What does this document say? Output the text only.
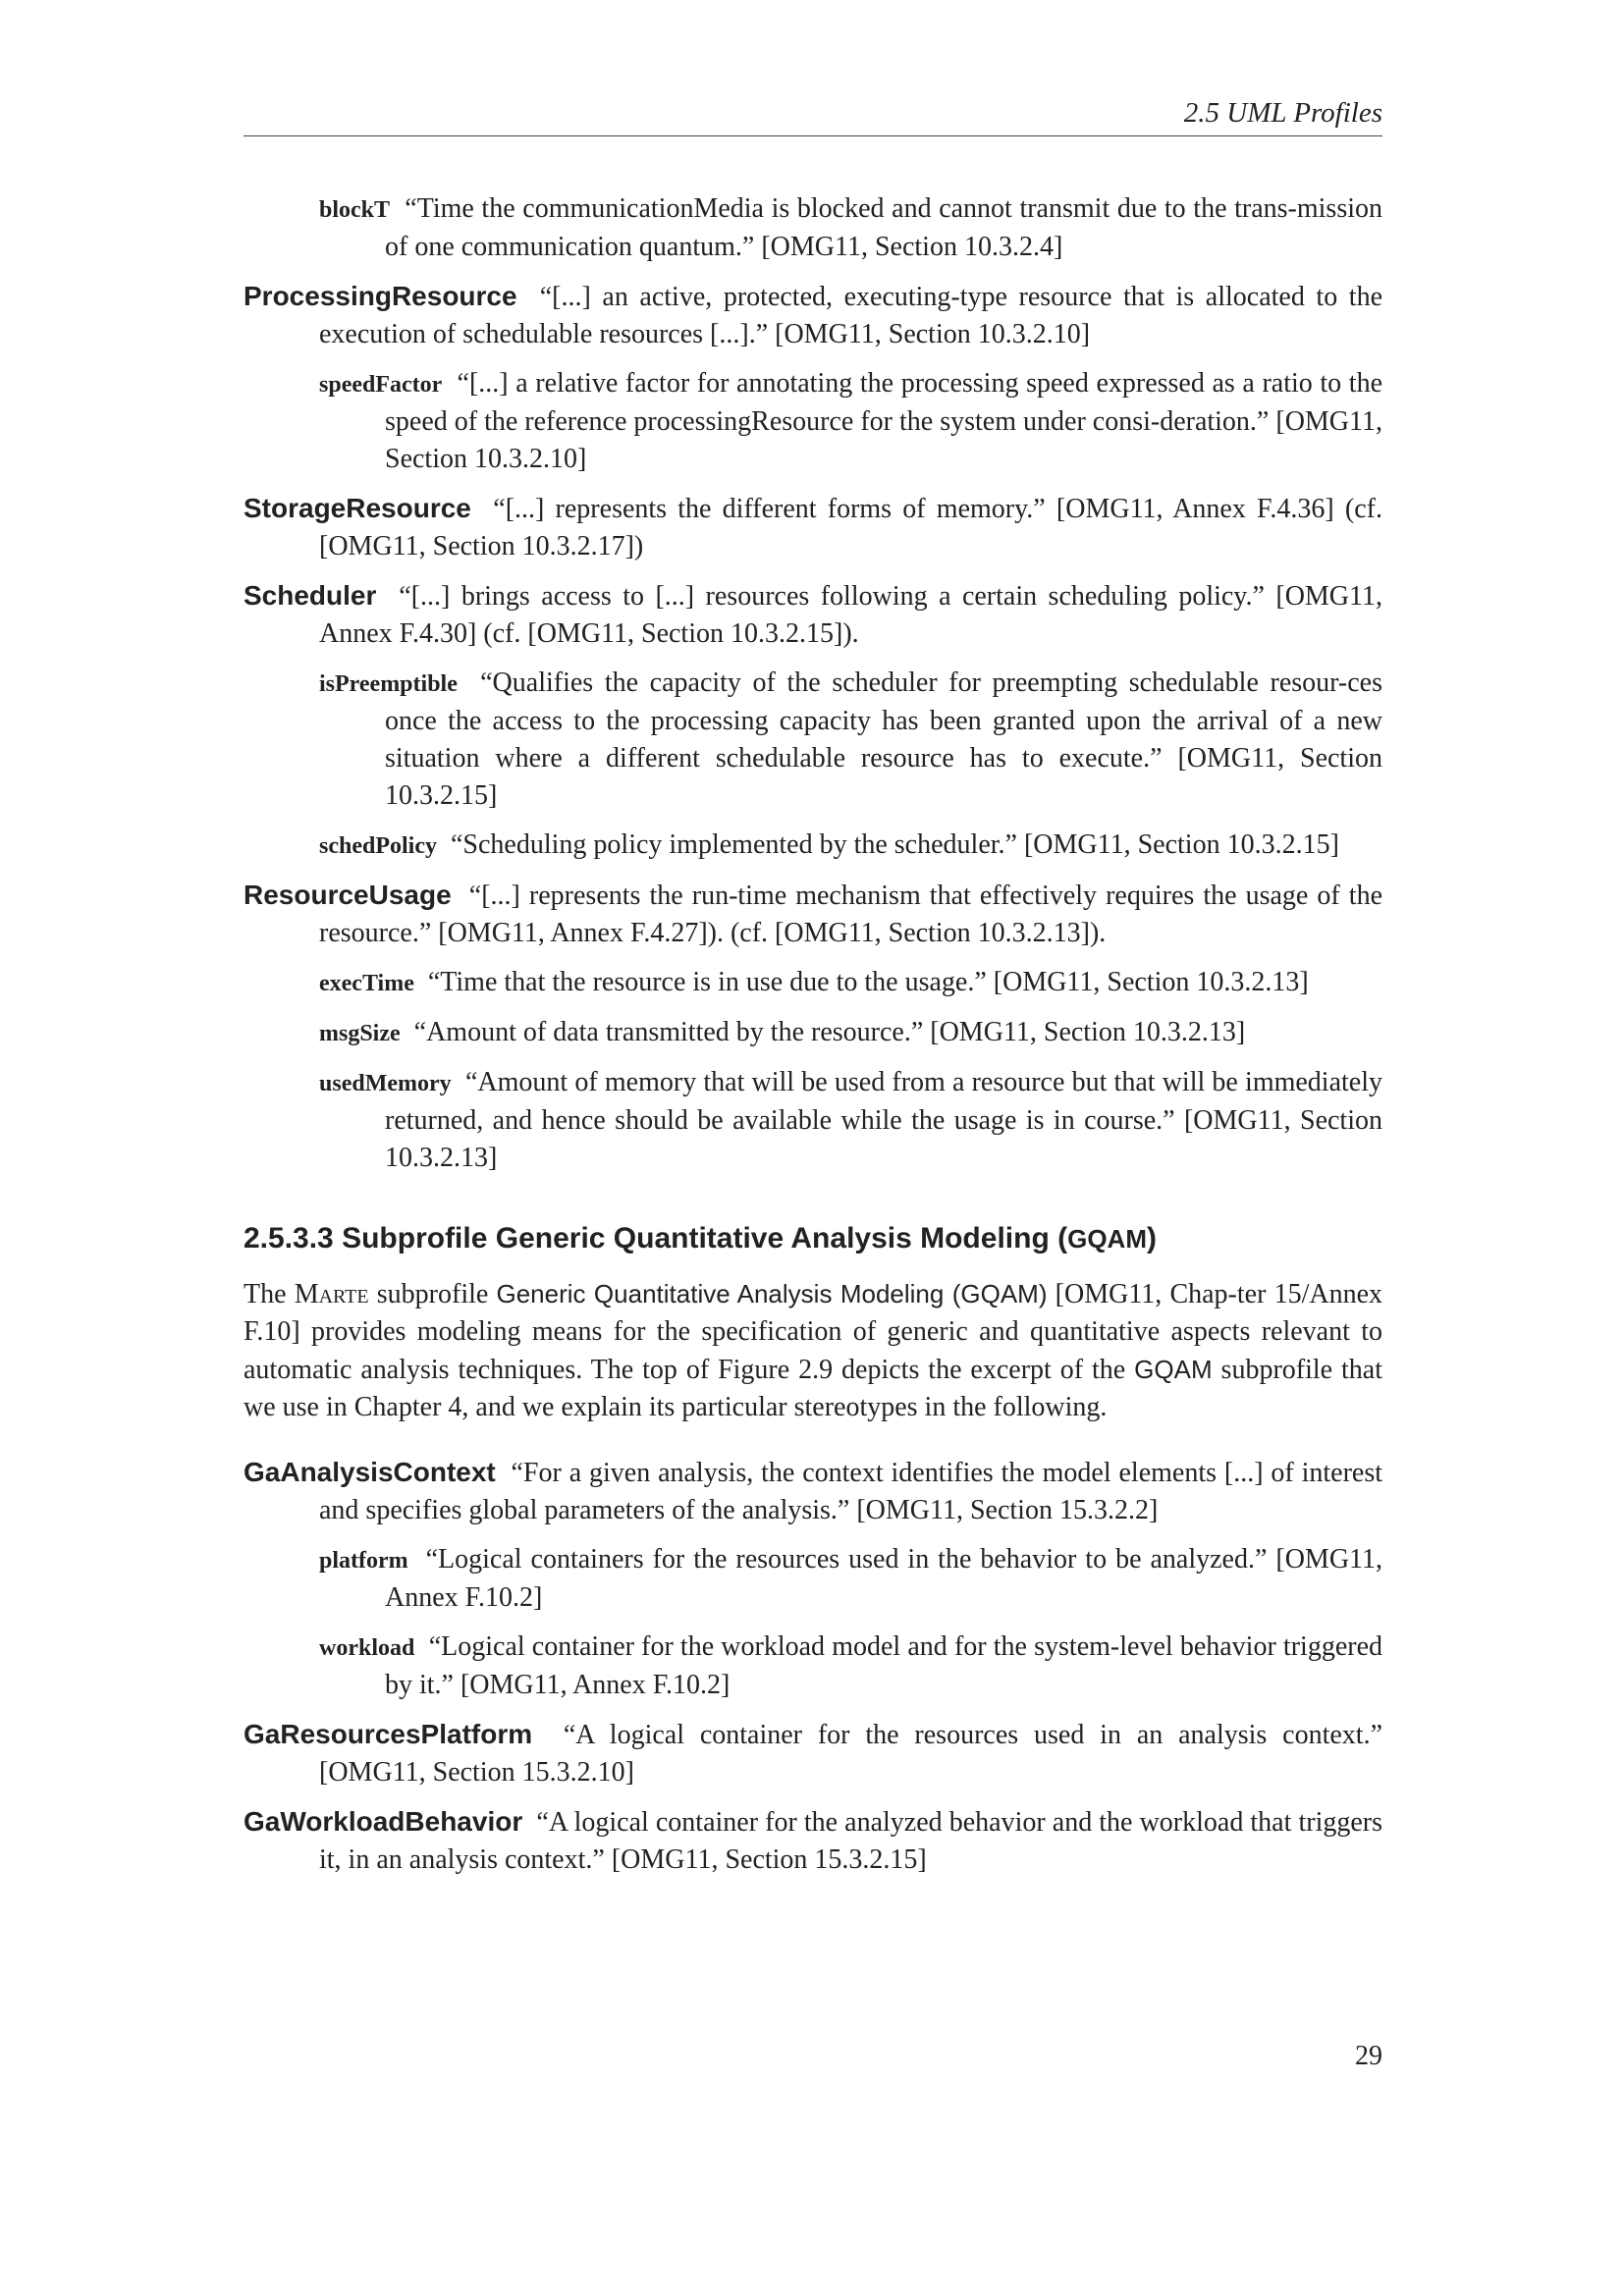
2.5 UML Profiles
blockT “Time the communicationMedia is blocked and cannot transmit due to the trans-mission of one communication quantum.” [OMG11, Section 10.3.2.4]
ProcessingResource “[...] an active, protected, executing-type resource that is allocated to the execution of schedulable resources [...].” [OMG11, Section 10.3.2.10]
speedFactor “[...] a relative factor for annotating the processing speed expressed as a ratio to the speed of the reference processingResource for the system under consi-deration.” [OMG11, Section 10.3.2.10]
StorageResource “[...] represents the different forms of memory.” [OMG11, Annex F.4.36] (cf. [OMG11, Section 10.3.2.17])
Scheduler “[...] brings access to [...] resources following a certain scheduling policy.” [OMG11, Annex F.4.30] (cf. [OMG11, Section 10.3.2.15]).
isPreemptible “Qualifies the capacity of the scheduler for preempting schedulable resour-ces once the access to the processing capacity has been granted upon the arrival of a new situation where a different schedulable resource has to execute.” [OMG11, Section 10.3.2.15]
schedPolicy “Scheduling policy implemented by the scheduler.” [OMG11, Section 10.3.2.15]
ResourceUsage “[...] represents the run-time mechanism that effectively requires the usage of the resource.” [OMG11, Annex F.4.27]). (cf. [OMG11, Section 10.3.2.13]).
execTime “Time that the resource is in use due to the usage.” [OMG11, Section 10.3.2.13]
msgSize “Amount of data transmitted by the resource.” [OMG11, Section 10.3.2.13]
usedMemory “Amount of memory that will be used from a resource but that will be immediately returned, and hence should be available while the usage is in course.” [OMG11, Section 10.3.2.13]
2.5.3.3 Subprofile Generic Quantitative Analysis Modeling (GQAM)
The Marte subprofile Generic Quantitative Analysis Modeling (GQAM) [OMG11, Chap-ter 15/Annex F.10] provides modeling means for the specification of generic and quantitative aspects relevant to automatic analysis techniques. The top of Figure 2.9 depicts the excerpt of the GQAM subprofile that we use in Chapter 4, and we explain its particular stereotypes in the following.
GaAnalysisContext “For a given analysis, the context identifies the model elements [...] of interest and specifies global parameters of the analysis.” [OMG11, Section 15.3.2.2]
platform “Logical containers for the resources used in the behavior to be analyzed.” [OMG11, Annex F.10.2]
workload “Logical container for the workload model and for the system-level behavior triggered by it.” [OMG11, Annex F.10.2]
GaResourcesPlatform “A logical container for the resources used in an analysis context.” [OMG11, Section 15.3.2.10]
GaWorkloadBehavior “A logical container for the analyzed behavior and the workload that triggers it, in an analysis context.” [OMG11, Section 15.3.2.15]
29
